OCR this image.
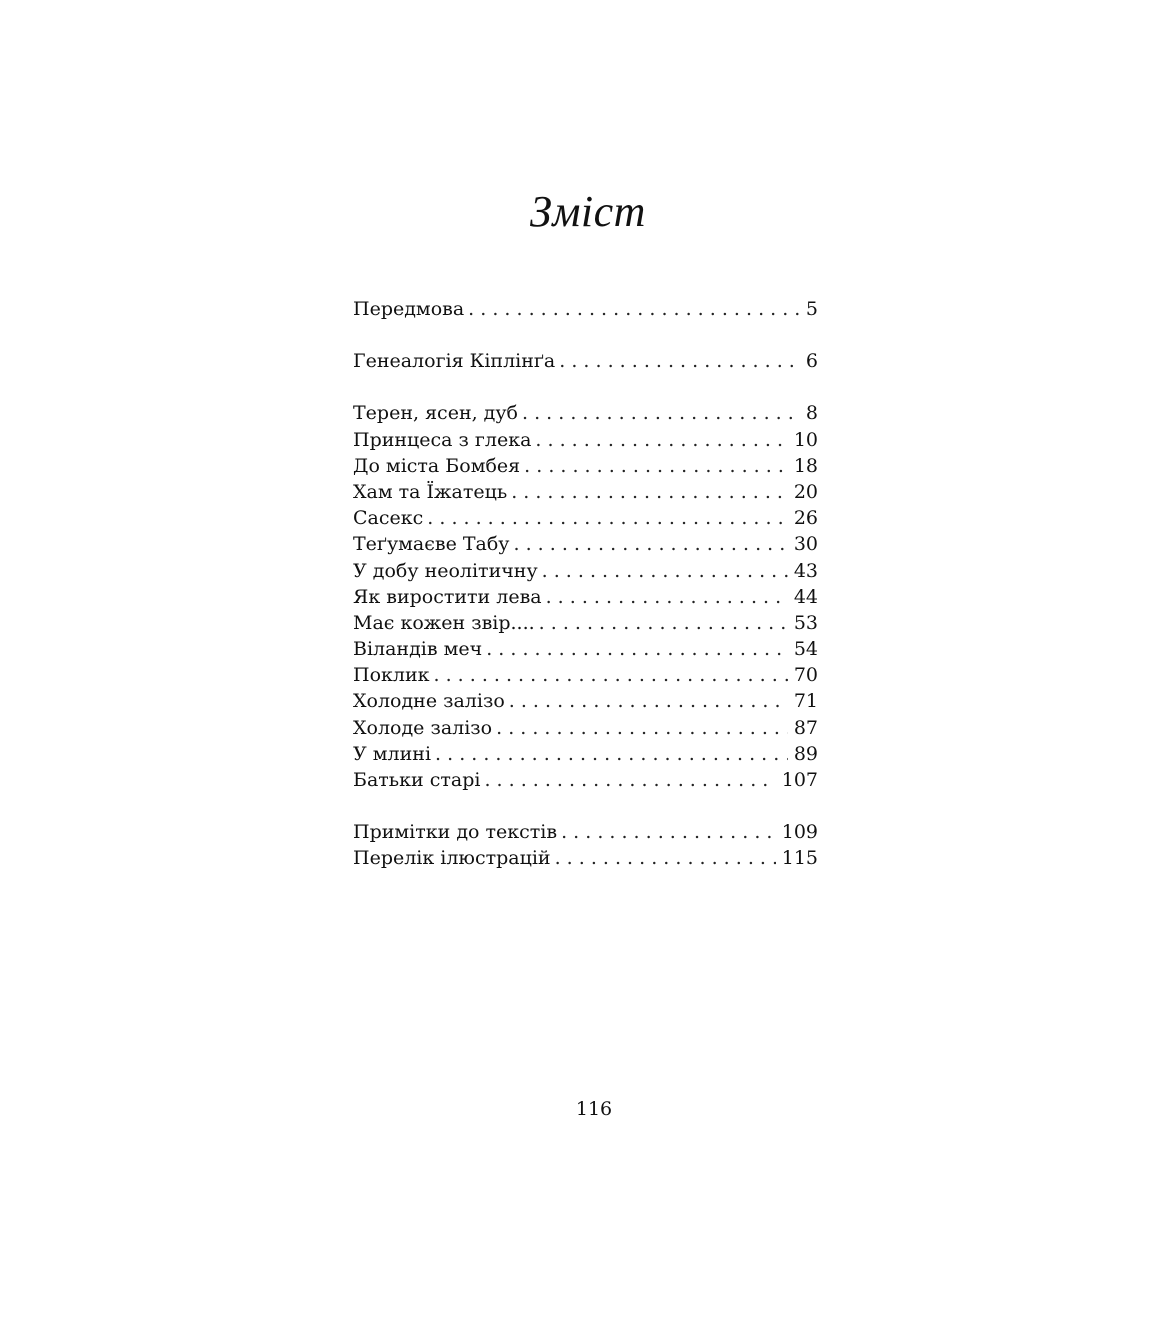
Зміст
Передмова . . .	5
Генеалогія Кіплінґа . . .	6
Терен, ясен, дуб . . .	8
Принцеса з глека . . .	10
До міста Бомбея . . .	18
Хам та Їжатець . . .	20
Сасекс . . .	26
Теґумаєве Табу . . .	30
У добу неолітичну . . .	43
Як виростити лева . . .	44
Має кожен звір.... . . .	53
Віландів меч . . .	54
Поклик . . .	70
Холодне залізо . . .	71
Холоде залізо . . .	87
У млині . . .	89
Батьки старі . . .	107
Примітки до текстів . . .	109
Перелік ілюстрацій . . .	115
116
